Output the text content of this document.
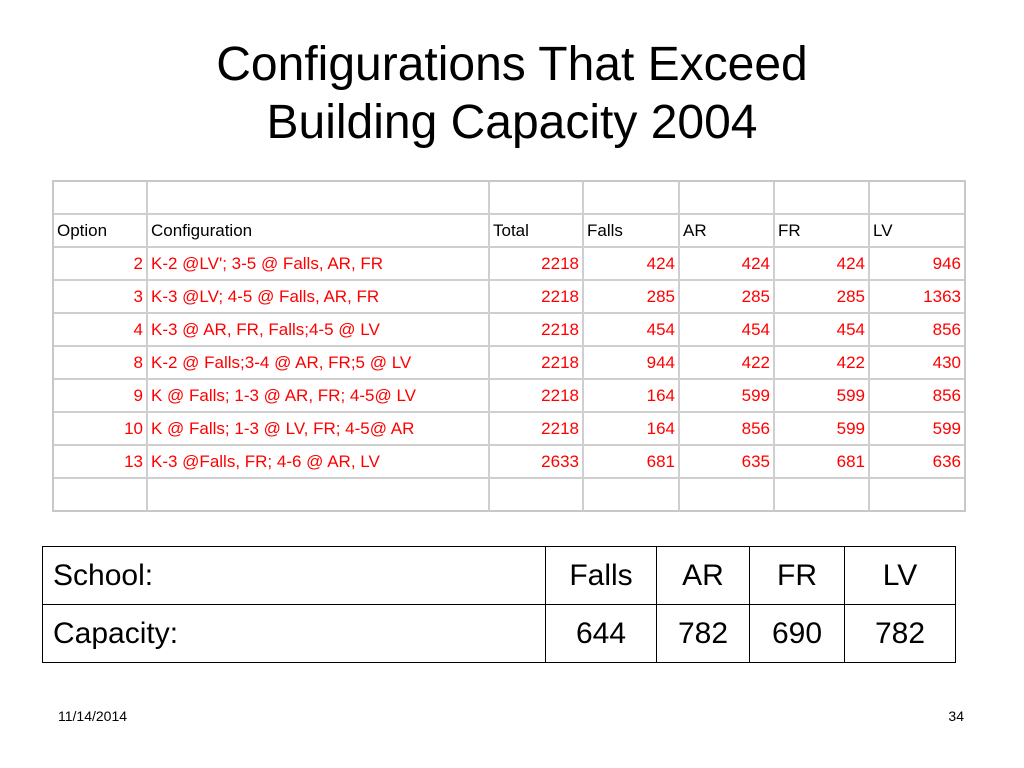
Configurations That Exceed
Building Capacity 2004

Option	Configuration	Total	Falls	AR	FR	LV
2	K-2 @LV'; 3-5 @ Falls, AR, FR	2218	424	424	424	946
3	K-3 @LV; 4-5 @ Falls, AR, FR	2218	285	285	285	1363
4	K-3 @ AR, FR, Falls;4-5 @ LV	2218	454	454	454	856
8	K-2 @ Falls;3-4 @ AR, FR;5 @ LV	2218	944	422	422	430
9	K @ Falls; 1-3 @ AR, FR; 4-5@ LV	2218	164	599	599	856
10	K @ Falls; 1-3 @ LV, FR; 4-5@ AR	2218	164	856	599	599
13	K-3 @Falls, FR; 4-6 @ AR, LV	2633	681	635	681	636

School:	Falls	AR	FR	LV
Capacity:	644	782	690	782
11/14/2014	34
